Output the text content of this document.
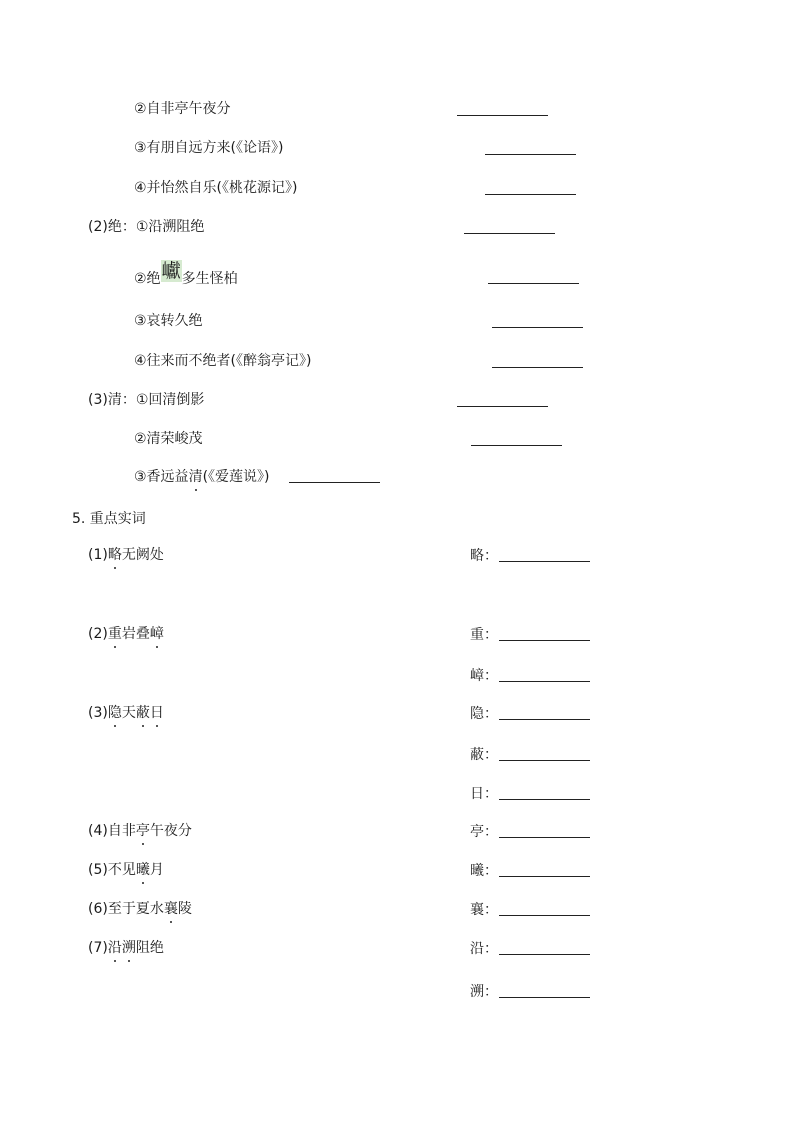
②自非亭午夜分
③有朋自远方来(《论语》)
④并怡然自乐(《桃花源记》)
(2)绝：①沿溯阻绝
②绝巘多生怪柏
③哀转久绝
④往来而不绝者(《醉翁亭记》)
(3)清：①回清倒影
②清荣峻茂
③香远益清(《爱莲说》)
5. 重点实词
(1)略无阙处	略：
(2)重岩叠嶂	重：
嶂：
(3)隐天蔽日	隐：
蔽：
日：
(4)自非亭午夜分	亭：
(5)不见曦月	曦：
(6)至于夏水襄陵	襄：
(7)沿溯阻绝	沿：
溯：
